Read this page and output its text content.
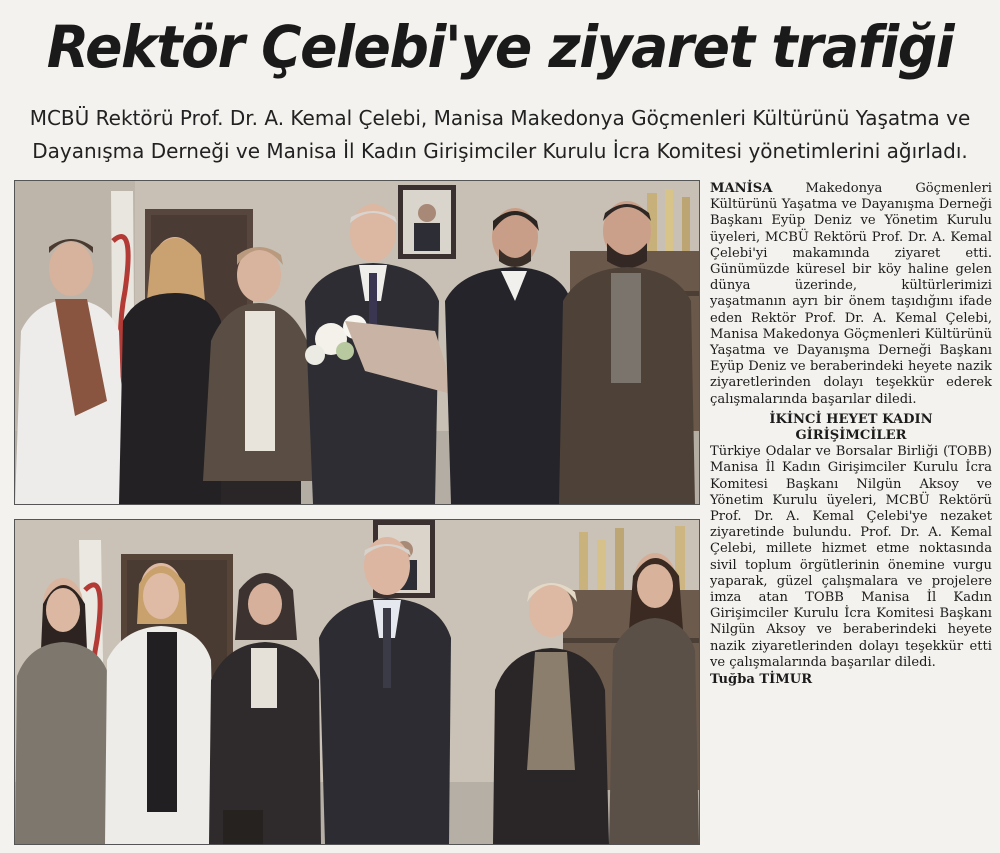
Rektör Çelebi'ye ziyaret trafiği
MCBÜ Rektörü Prof. Dr. A. Kemal Çelebi, Manisa Makedonya Göçmenleri Kültürünü Yaşatma ve
Dayanışma Derneği ve Manisa İl Kadın Girişimciler Kurulu İcra Komitesi yönetimlerini ağırladı.

MANİSA Makedonya Göçmenleri Kültürünü Yaşatma ve Dayanışma Derneği Başkanı Eyüp Deniz ve Yönetim Kurulu üyeleri, MCBÜ Rektörü Prof. Dr. A. Kemal Çelebi'yi makamında ziyaret etti. Günümüzde küresel bir köy haline gelen dünya üzerinde, kültürlerimizi yaşatmanın ayrı bir önem taşıdığını ifade eden Rektör Prof. Dr. A. Kemal Çelebi, Manisa Makedonya Göçmenleri Kültürünü Yaşatma ve Dayanışma Derneği Başkanı Eyüp Deniz ve beraberindeki heyete nazik ziyaretlerinden dolayı teşekkür ederek çalışmalarında başarılar diledi.

İKİNCİ HEYET KADIN
GİRİŞİMCİLER

Türkiye Odalar ve Borsalar Birliği (TOBB) Manisa İl Kadın Girişimciler Kurulu İcra Komitesi Başkanı Nilgün Aksoy ve Yönetim Kurulu üyeleri, MCBÜ Rektörü Prof. Dr. A. Kemal Çelebi'ye nezaket ziyaretinde bulundu. Prof. Dr. A. Kemal Çelebi, millete hizmet etme noktasında sivil toplum örgütlerinin önemine vurgu yaparak, güzel çalışmalara ve projelere imza atan TOBB Manisa İl Kadın Girişimciler Kurulu İcra Komitesi Başkanı Nilgün Aksoy ve beraberindeki heyete nazik ziyaretlerinden dolayı teşekkür etti ve çalışmalarında başarılar diledi.

Tuğba TİMUR
